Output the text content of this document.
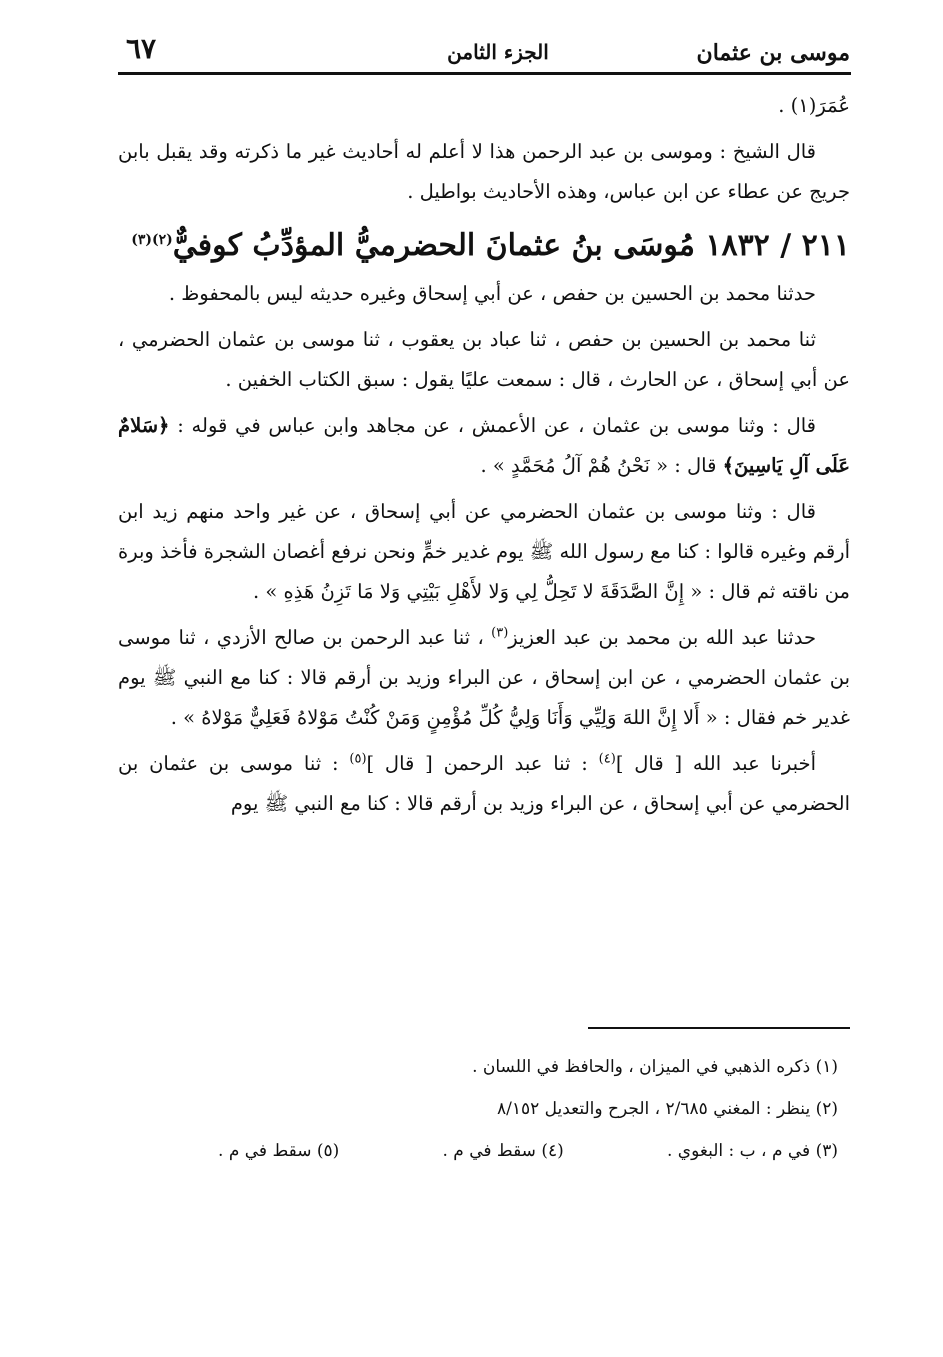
موسى بن عثمان
الجزء الثامن
٦٧

عُمَرَ(١) .

قال الشيخ : وموسى بن عبد الرحمن هذا لا أعلم له أحاديث غير ما ذكرته وقد يقبل بابن جريج عن عطاء عن ابن عباس، وهذه الأحاديث بواطيل .

٢١١ / ١٨٣٢ مُوسَى بنُ عثمانَ الحضرميُّ المؤدِّبُ كوفيٌّ$^{(٢)(٣)}$

حدثنا محمد بن الحسين بن حفص ، عن أبي إسحاق وغيره حديثه ليس بالمحفوظ .

ثنا محمد بن الحسين بن حفص ، ثنا عباد بن يعقوب ، ثنا موسى بن عثمان الحضرمي ، عن أبي إسحاق ، عن الحارث ، قال : سمعت عليًا يقول : سبق الكتاب الخفين .

قال : وثنا موسى بن عثمان ، عن الأعمش ، عن مجاهد وابن عباس في قوله : ﴿سَلامٌ عَلَى آلِ يَاسِينَ﴾ قال : « نَحْنُ هُمْ آلُ مُحَمَّدٍ » .

قال : وثنا موسى بن عثمان الحضرمي عن أبي إسحاق ، عن غير واحد منهم زيد ابن أرقم وغيره قالوا : كنا مع رسول الله ﷺ يوم غدير خمٍّ ونحن نرفع أغصان الشجرة فأخذ وبرة من ناقته ثم قال : « إِنَّ الصَّدَقَةَ لا تَحِلُّ لِي وَلا لأَهْلِ بَيْتِي وَلا مَا تَزِنُ هَذِهِ » .

حدثنا عبد الله بن محمد بن عبد العزيز$^{(٣)}$ ، ثنا عبد الرحمن بن صالح الأزدي ، ثنا موسى بن عثمان الحضرمي ، عن ابن إسحاق ، عن البراء وزيد بن أرقم قالا : كنا مع النبي ﷺ يوم غدير خم فقال : « أَلا إِنَّ اللهَ وَلِيِّي وَأَنَا وَلِيُّ كُلِّ مُؤْمِنٍ وَمَنْ كُنْتُ مَوْلاهُ فَعَلِيٌّ مَوْلاهُ » .

أخبرنا عبد الله [ قال ]$^{(٤)}$ : ثنا عبد الرحمن [ قال ]$^{(٥)}$ : ثنا موسى بن عثمان بن الحضرمي عن أبي إسحاق ، عن البراء وزيد بن أرقم قالا : كنا مع النبي ﷺ يوم

(١) ذكره الذهبي في الميزان ، والحافظ في اللسان .
(٢) ينظر : المغني ٢/٦٨٥ ، الجرح والتعديل ٨/١٥٢
(٣) في م ، ب : البغوي .
(٤) سقط في م .
(٥) سقط في م .
